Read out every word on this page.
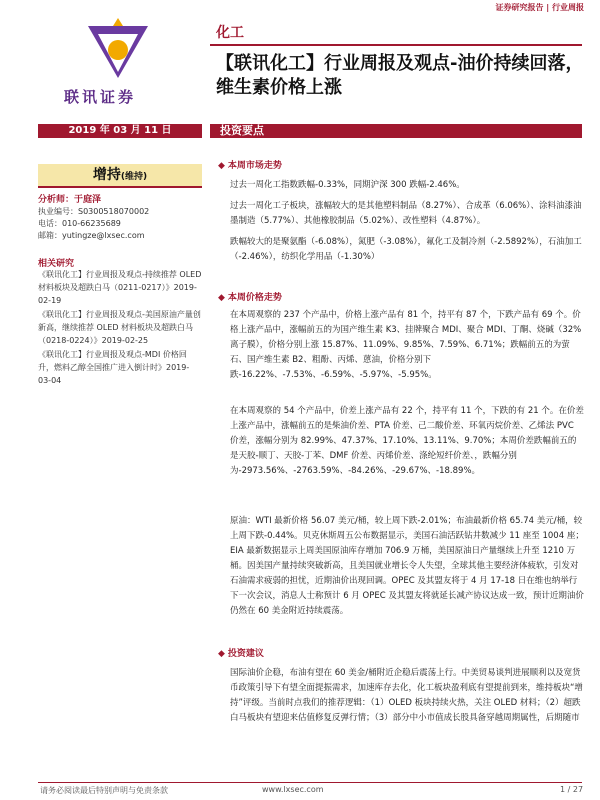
证券研究报告 | 行业周报
联讯证券
化工
【联讯化工】行业周报及观点-油价持续回落，维生素价格上涨
2019 年 03 月 11 日	投资要点
增持(维持)
分析师：于庭泽
执业编号：S0300518070002
电话：010-66235689
邮箱：yutingze@lxsec.com
相关研究

《联讯化工】行业周报及观点-持续推荐 OLED 材料板块及超跌白马（0211-0217）》2019-02-19

《联讯化工】行业周报及观点-美国原油产量创新高，继续推荐 OLED 材料板块及超跌白马（0218-0224）》2019-02-25

《联讯化工】行业周报及观点-MDI 价格回升，燃料乙醇全国推广进入倒计时》2019-03-04

◆ 本周市场走势

过去一周化工指数跌幅-0.33%，同期沪深 300 跌幅-2.46%。

过去一周化工子板块，涨幅较大的是其他塑料制品（8.27%）、合成革（6.06%）、涂料油漆油墨制造（5.77%）、其他橡胶制品（5.02%）、改性塑料（4.87%）。

跌幅较大的是聚氨酯（-6.08%），氮肥（-3.08%），氟化工及制冷剂（-2.5892%），石油加工（-2.46%），纺织化学用品（-1.30%）

◆ 本周价格走势
在本周观察的 237 个产品中，价格上涨产品有 81 个，持平有 87 个，下跌产品有 69 个。价格上涨产品中，涨幅前五的为国产维生素 K3、挂牌聚合 MDI、聚合 MDI、丁酮、烧碱（32%离子膜），价格分别上涨 15.87%、11.09%、9.85%、7.59%、6.71%；跌幅前五的为萤石、国产维生素 B2、粗酚、丙烯、蒽油，价格分别下跌-16.22%、-7.53%、-6.59%、-5.97%、-5.95%。
在本周观察的 54 个产品中，价差上涨产品有 22 个，持平有 11 个，下跌的有 21 个。在价差上涨产品中，涨幅前五的是柴油价差、PTA 价差、己二酸价差、环氧丙烷价差、乙烯法 PVC 价差，涨幅分别为 82.99%、47.37%、17.10%、13.11%、9.70%；本周价差跌幅前五的是天胶-顺丁、天胶-丁苯、DMF 价差、丙烯价差、涤纶短纤价差、，跌幅分别为-2973.56%、-2763.59%、-84.26%、-29.67%、-18.89%。
原油：WTI 最新价格 56.07 美元/桶，较上周下跌-2.01%；布油最新价格 65.74 美元/桶，较上周下跌-0.44%。贝克休斯周五公布数据显示，美国石油活跃钻井数减少 11 座至 1004 座；EIA 最新数据显示上周美国原油库存增加 706.9 万桶，美国原油日产量继续上升至 1210 万桶。因美国产量持续突破新高，且美国就业增长令人失望，全球其他主要经济体疲软，引发对石油需求疲弱的担忧，近期油价出现回调。OPEC 及其盟友将于 4 月 17-18 日在维也纳举行下一次会议，消息人士称预计 6 月 OPEC 及其盟友将就延长减产协议达成一致，预计近期油价仍然在 60 美金附近持续震荡。
◆ 投资建议
国际油价企稳，布油有望在 60 美金/桶附近企稳后震荡上行。中美贸易谈判进展顺利以及宽货币政策引导下有望全面提振需求，加速库存去化，化工板块盈利底有望提前到来，维持板块“增持”评级。当前时点我们的推荐逻辑：（1）OLED 板块持续火热，关注 OLED 材料；（2）超跌白马板块有望迎来估值修复反弹行情；（3）部分中小市值成长股具备穿越周期属性，后期随市
请务必阅读最后特别声明与免责条款	www.lxsec.com	1 / 27
